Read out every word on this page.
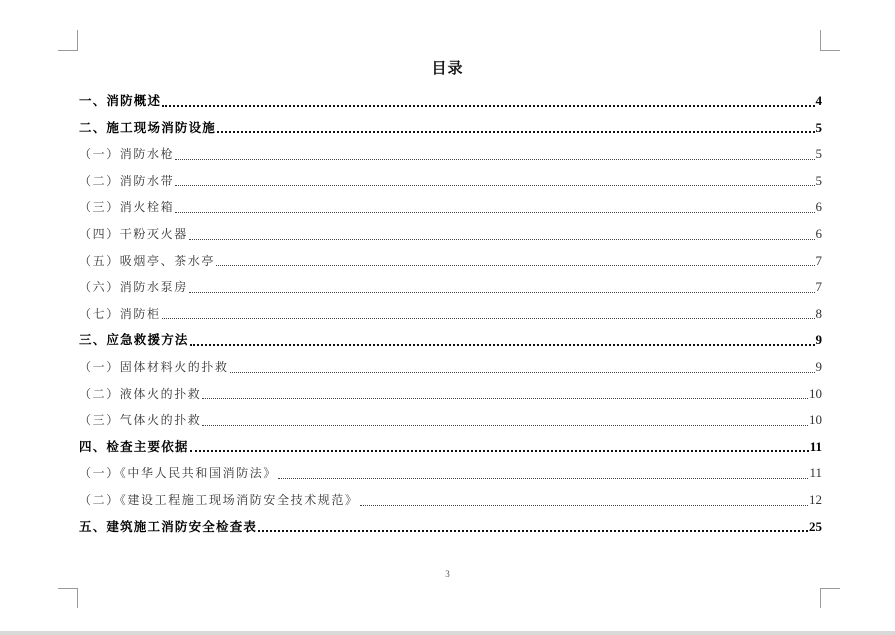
目录
一、消防概述	4
二、施工现场消防设施	5
（一）消防水枪	5
（二）消防水带	5
（三）消火栓箱	6
（四）干粉灭火器	6
（五）吸烟亭、茶水亭	7
（六）消防水泵房	7
（七）消防柜	8
三、应急救援方法	9
（一）固体材料火的扑救	9
（二）液体火的扑救	10
（三）气体火的扑救	10
四、检查主要依据	11
（一）《中华人民共和国消防法》	11
（二）《建设工程施工现场消防安全技术规范》	12
五、建筑施工消防安全检查表	25
3
